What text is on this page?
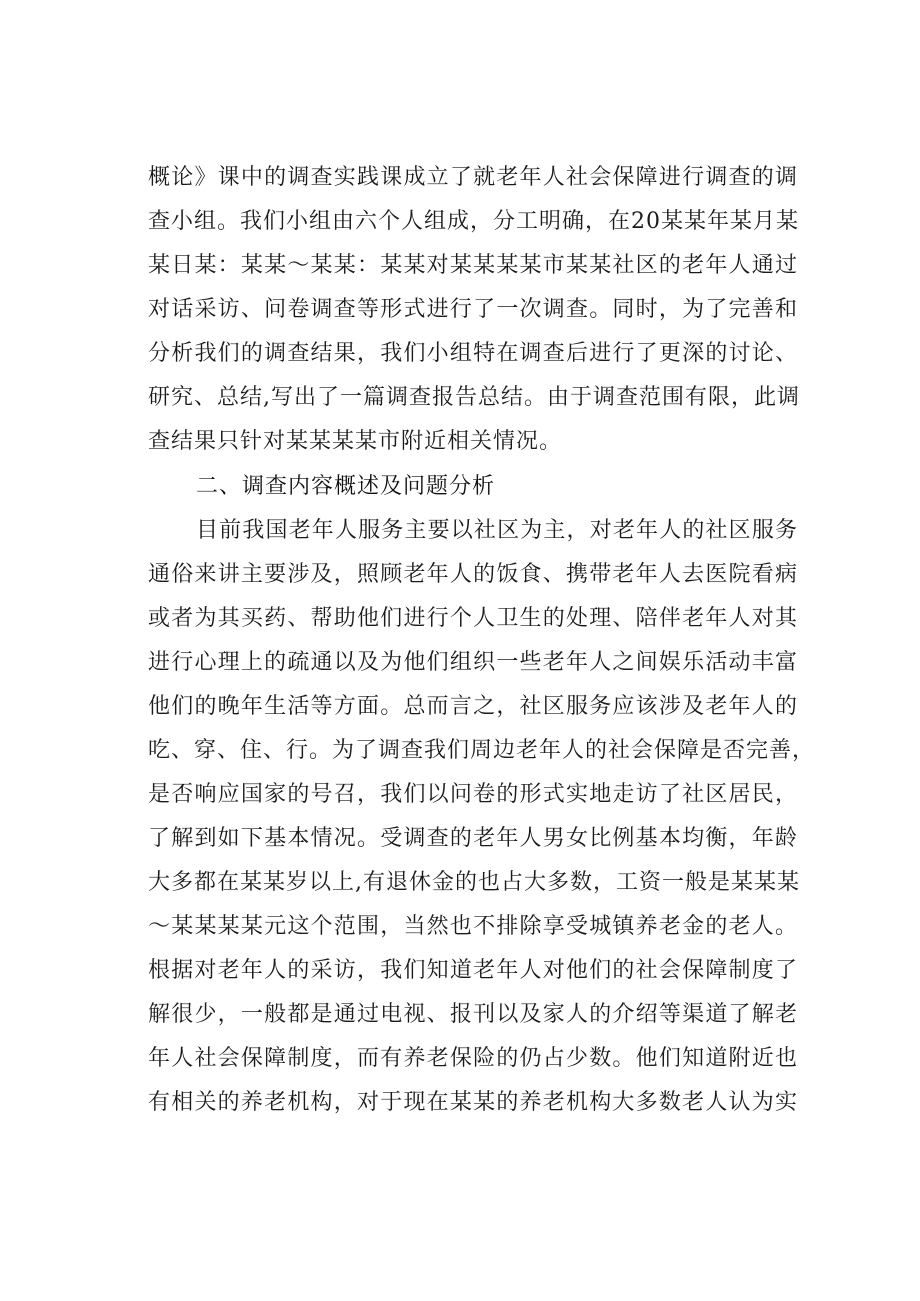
概论》课中的调查实践课成立了就老年人社会保障进行调查的调
查小组。我们小组由六个人组成，分工明确，在20某某年某月某
某日某：某某～某某：某某对某某某某市某某社区的老年人通过
对话采访、问卷调查等形式进行了一次调查。同时，为了完善和
分析我们的调查结果，我们小组特在调查后进行了更深的讨论、
研究、总结,写出了一篇调查报告总结。由于调查范围有限，此调
查结果只针对某某某某市附近相关情况。
二、调查内容概述及问题分析
目前我国老年人服务主要以社区为主，对老年人的社区服务
通俗来讲主要涉及，照顾老年人的饭食、携带老年人去医院看病
或者为其买药、帮助他们进行个人卫生的处理、陪伴老年人对其
进行心理上的疏通以及为他们组织一些老年人之间娱乐活动丰富
他们的晚年生活等方面。总而言之，社区服务应该涉及老年人的
吃、穿、住、行。为了调查我们周边老年人的社会保障是否完善，
是否响应国家的号召，我们以问卷的形式实地走访了社区居民，
了解到如下基本情况。受调查的老年人男女比例基本均衡，年龄
大多都在某某岁以上,有退休金的也占大多数，工资一般是某某某
～某某某某元这个范围，当然也不排除享受城镇养老金的老人。
根据对老年人的采访，我们知道老年人对他们的社会保障制度了
解很少，一般都是通过电视、报刊以及家人的介绍等渠道了解老
年人社会保障制度，而有养老保险的仍占少数。他们知道附近也
有相关的养老机构，对于现在某某的养老机构大多数老人认为实
